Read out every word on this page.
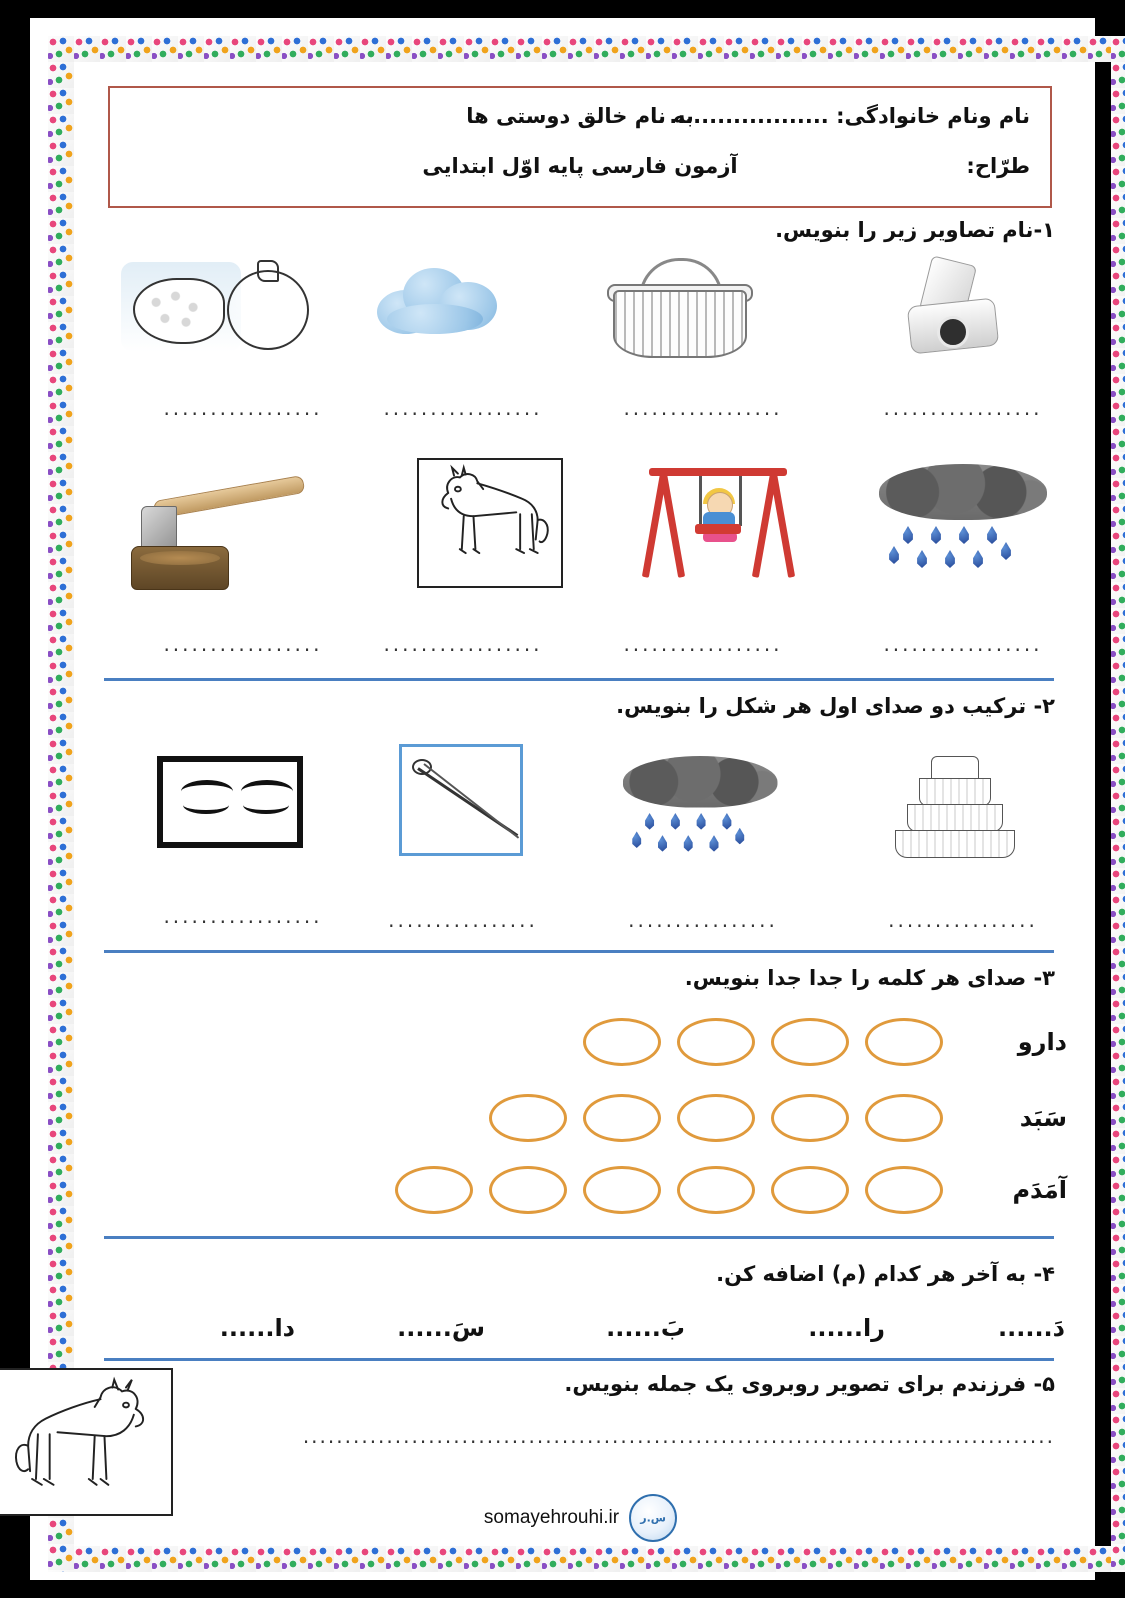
نام ونام خانوادگی: ....................
به نام خالق دوستی ها
طرّاح:
آزمون فارسی پایه اوّل ابتدایی
۱-نام تصاویر زیر را بنویس.
.................
.................
.................
.................
.................
.................
.................
.................
۲- ترکیب دو صدای اول هر شکل را بنویس.
................
................
................
.................
۳- صدای هر کلمه را جدا جدا بنویس.
دارو
سَبَد
آمَدَم
۴- به آخر هر کدام (م) اضافه کن.
دَ......
را......
بَ......
سَ......
دا......
۵- فرزندم برای تصویر روبروی یک جمله بنویس.
..........................................................................................
س.ر
somayehrouhi.ir
